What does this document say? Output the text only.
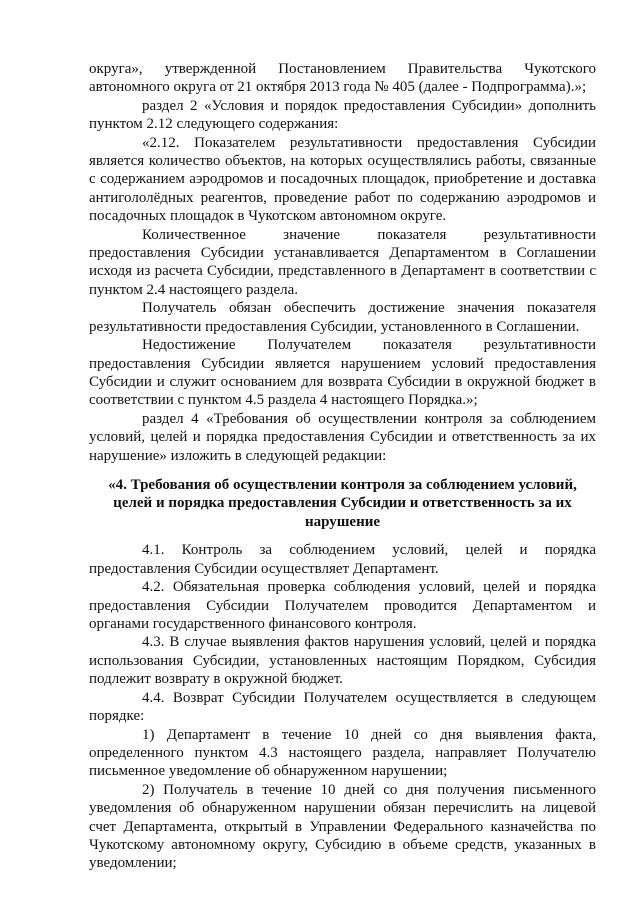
округа», утвержденной Постановлением Правительства Чукотского автономного округа от 21 октября 2013 года № 405 (далее - Подпрограмма).»;

раздел 2 «Условия и порядок предоставления Субсидии» дополнить пунктом 2.12 следующего содержания:

«2.12. Показателем результативности предоставления Субсидии является количество объектов, на которых осуществлялись работы, связанные с содержанием аэродромов и посадочных площадок, приобретение и доставка антигололёдных реагентов, проведение работ по содержанию аэродромов и посадочных площадок в Чукотском автономном округе.

Количественное значение показателя результативности предоставления Субсидии устанавливается Департаментом в Соглашении исходя из расчета Субсидии, представленного в Департамент в соответствии с пунктом 2.4 настоящего раздела.

Получатель обязан обеспечить достижение значения показателя результативности предоставления Субсидии, установленного в Соглашении.

Недостижение Получателем показателя результативности предоставления Субсидии является нарушением условий предоставления Субсидии и служит основанием для возврата Субсидии в окружной бюджет в соответствии с пунктом 4.5 раздела 4 настоящего Порядка.»;

раздел 4 «Требования об осуществлении контроля за соблюдением условий, целей и порядка предоставления Субсидии и ответственность за их нарушение» изложить в следующей редакции:

«4. Требования об осуществлении контроля за соблюдением условий, целей и порядка предоставления Субсидии и ответственность за их нарушение

4.1. Контроль за соблюдением условий, целей и порядка предоставления Субсидии осуществляет Департамент.

4.2. Обязательная проверка соблюдения условий, целей и порядка предоставления Субсидии Получателем проводится Департаментом и органами государственного финансового контроля.

4.3. В случае выявления фактов нарушения условий, целей и порядка использования Субсидии, установленных настоящим Порядком, Субсидия подлежит возврату в окружной бюджет.

4.4. Возврат Субсидии Получателем осуществляется в следующем порядке:

1) Департамент в течение 10 дней со дня выявления факта, определенного пунктом 4.3 настоящего раздела, направляет Получателю письменное уведомление об обнаруженном нарушении;

2) Получатель в течение 10 дней со дня получения письменного уведомления об обнаруженном нарушении обязан перечислить на лицевой счет Департамента, открытый в Управлении Федерального казначейства по Чукотскому автономному округу, Субсидию в объеме средств, указанных в уведомлении;
